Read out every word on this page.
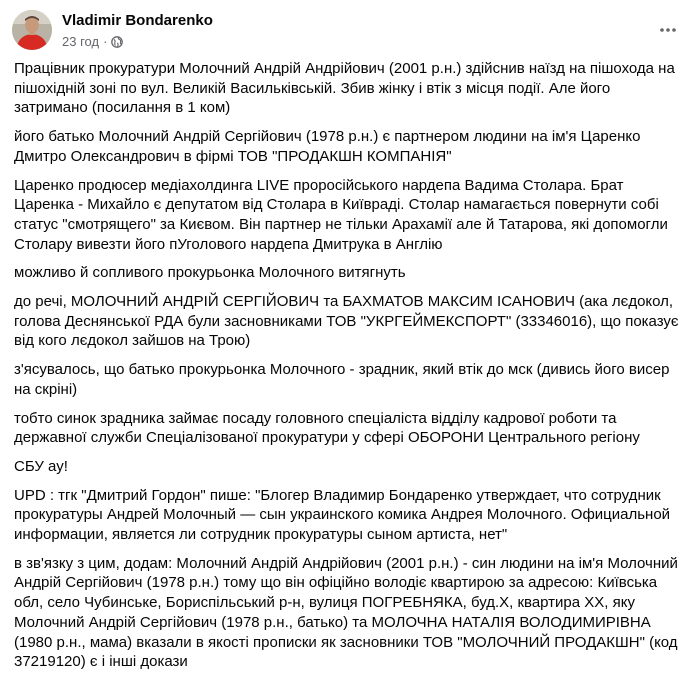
Vladimir Bondarenko
23 год ·

Працівник прокуратури Молочний Андрій Андрійович (2001 р.н.) здійснив наїзд на пішохода на пішохідній зоні по вул. Великій Васильківській. Збив жінку і втік з місця події. Але його затримано (посилання в 1 ком)

його батько Молочний Андрій Сергійович (1978 р.н.) є партнером людини на ім'я Царенко Дмитро Олександрович в фірмі ТОВ "ПРОДАКШН КОМПАНІЯ"

Царенко продюсер медіахолдинга LIVE проросійського нардепа Вадима Столара. Брат Царенка - Михайло є депутатом від Столара в Київраді. Столар намагається повернути собі статус "смотрящего" за Києвом. Він партнер не тільки Арахамії але й Татарова, які допомогли Столару вивезти його пУголового нардепа Дмитрука в Англію

можливо й сопливого прокурьонка Молочного витягнуть

до речі, МОЛОЧНИЙ АНДРІЙ СЕРГІЙОВИЧ та БАХМАТОВ МАКСИМ ІСАНОВИЧ (ака лєдокол, голова Деснянської РДА були засновниками ТОВ "УКРГЕЙМЕКСПОРТ" (33346016), що показує від кого лєдокол зайшов на Трою)

з'ясувалось, що батько прокурьонка Молочного - зрадник, який втік до мск (дивись його висер на скріні)

тобто синок зрадника займає посаду головного спеціаліста відділу кадрової роботи та державної служби Спеціалізованої прокуратури у сфері ОБОРОНИ Центрального регіону

СБУ ау!

UPD : тгк "Дмитрий Гордон" пише: "Блогер Владимир Бондаренко утверждает, что сотрудник прокуратуры Андрей Молочный — сын украинского комика Андрея Молочного. Официальной информации, является ли сотрудник прокуратуры сыном артиста, нет"

в зв'язку з цим, додам: Молочний Андрій Андрійович (2001 р.н.) - син людини на ім'я Молочний Андрій Сергійович (1978 р.н.) тому що він офіційно володіє квартирою за адресою: Київська обл, село Чубинське, Бориспільський р-н, вулиця ПОГРЕБНЯКА, буд.Х, квартира ХХ, яку Молочний Андрій Сергійович (1978 р.н., батько) та МОЛОЧНА НАТАЛІЯ ВОЛОДИМИРІВНА (1980 р.н., мама) вказали в якості прописки як засновники ТОВ "МОЛОЧНИЙ ПРОДАКШН" (код 37219120) є і інші докази
